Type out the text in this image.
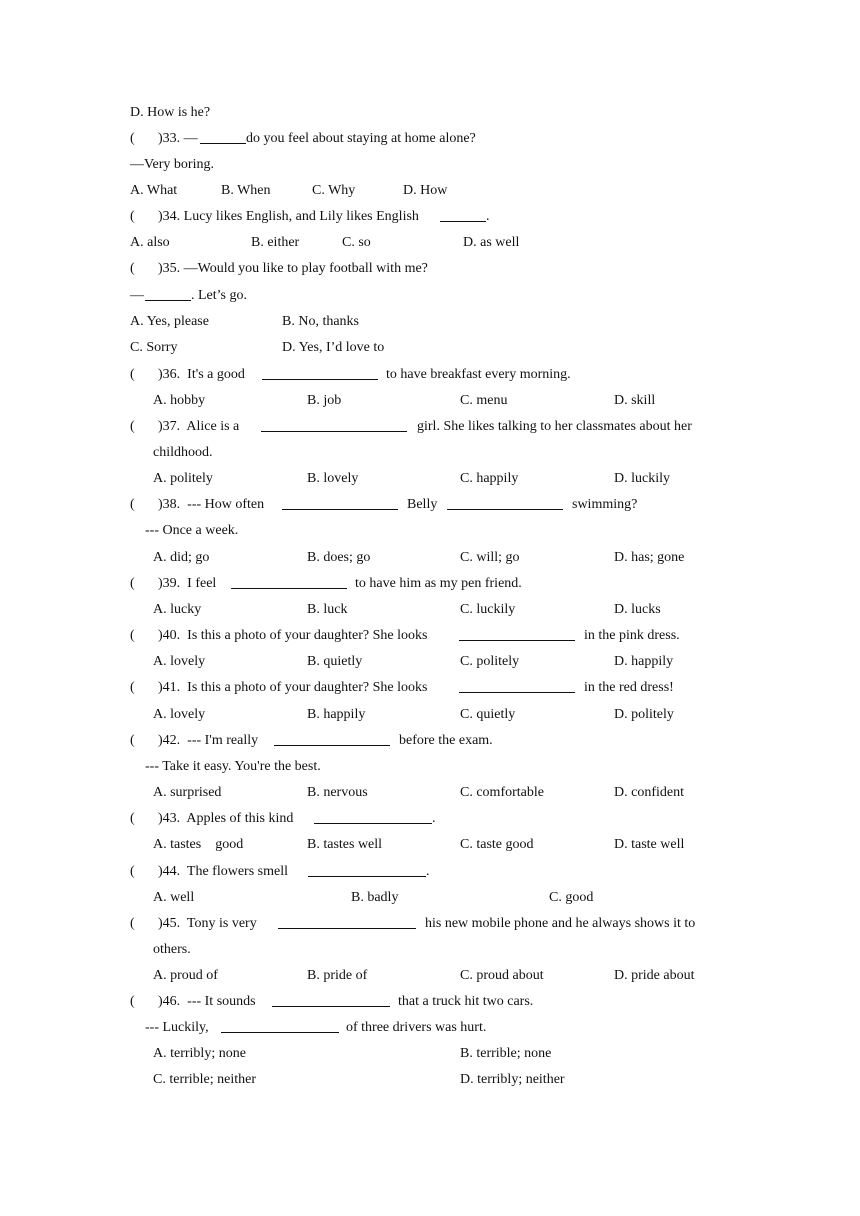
D. How is he?
( )33. —	do you feel about staying at home alone?
—Very boring.
A. What	B. When	C. Why	D. How
( )34. Lucy likes English, and Lily likes English	.
A. also	B. either	C. so	D. as well
( )35. —Would you like to play football with me?
—	. Let’s go.
A. Yes, please	B. No, thanks
C. Sorry	D. Yes, I’d love to
( )36.  It's a good	to have breakfast every morning.
A. hobby	B. job	C. menu	D. skill
( )37.  Alice is a	girl. She likes talking to her classmates about her
childhood.
A. politely	B. lovely	C. happily	D. luckily
( )38.  --- How often	Belly	swimming?
--- Once a week.
A. did; go	B. does; go	C. will; go	D. has; gone
( )39.  I feel	to have him as my pen friend.
A. lucky	B. luck	C. luckily	D. lucks
( )40.  Is this a photo of your daughter? She looks	in the pink dress.
A. lovely	B. quietly	C. politely	D. happily
( )41.  Is this a photo of your daughter? She looks	in the red dress!
A. lovely	B. happily	C. quietly	D. politely
( )42.  --- I'm really	before the exam.
--- Take it easy. You're the best.
A. surprised	B. nervous	C. comfortable	D. confident
( )43.  Apples of this kind	.
A. tastes    good	B. tastes well	C. taste good	D. taste well
( )44.  The flowers smell	.
A. well	B. badly	C. good
( )45.  Tony is very	his new mobile phone and he always shows it to
others.
A. proud of	B. pride of	C. proud about	D. pride about
( )46.  --- It sounds	that a truck hit two cars.
--- Luckily,	of three drivers was hurt.
A. terribly; none	B. terrible; none
C. terrible; neither	D. terribly; neither
